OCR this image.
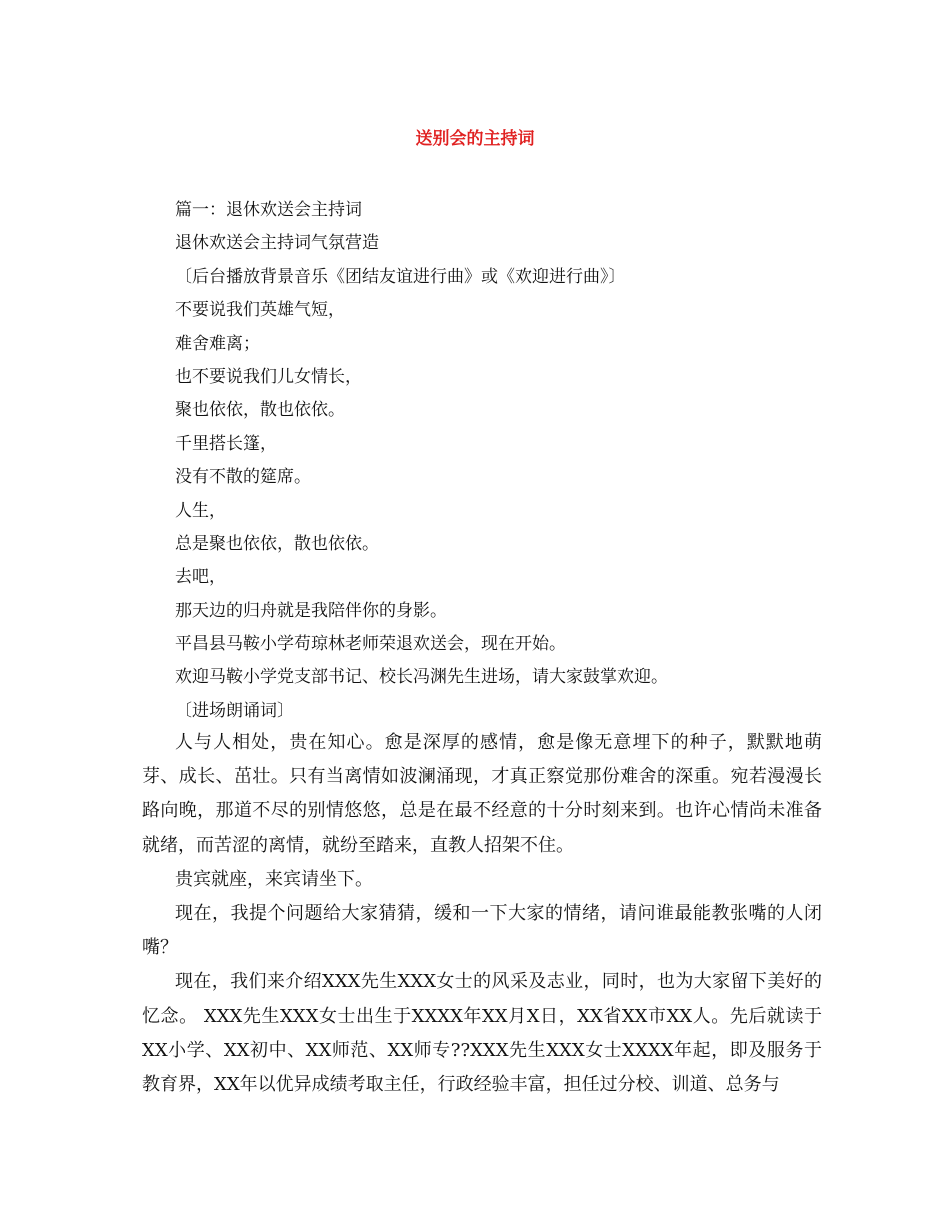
送别会的主持词
篇一：退休欢送会主持词
退休欢送会主持词气氛营造
〔后台播放背景音乐《团结友谊进行曲》或《欢迎进行曲》〕
不要说我们英雄气短，
难舍难离；
也不要说我们儿女情长，
聚也依依，散也依依。
千里搭长篷，
没有不散的筵席。
人生，
总是聚也依依，散也依依。
去吧，
那天边的归舟就是我陪伴你的身影。
平昌县马鞍小学苟琼林老师荣退欢送会，现在开始。
欢迎马鞍小学党支部书记、校长冯渊先生进场，请大家鼓掌欢迎。
〔进场朗诵词〕

人与人相处，贵在知心。愈是深厚的感情，愈是像无意埋下的种子，默默地萌芽、成长、茁壮。只有当离情如波澜涌现，才真正察觉那份难舍的深重。宛若漫漫长路向晚，那道不尽的别情悠悠，总是在最不经意的十分时刻来到。也许心情尚未准备就绪，而苦涩的离情，就纷至踏来，直教人招架不住。

贵宾就座，来宾请坐下。

现在，我提个问题给大家猜猜，缓和一下大家的情绪，请问谁最能教张嘴的人闭嘴？

现在，我们来介绍XXX先生XXX女士的风采及志业，同时，也为大家留下美好的忆念。 XXX先生XXX女士出生于XXXX年XX月X日，XX省XX市XX人。先后就读于XX小学、XX初中、XX师范、XX师专??XXX先生XXX女士XXXX年起，即及服务于教育界，XX年以优异成绩考取主任，行政经验丰富，担任过分校、训道、总务与
